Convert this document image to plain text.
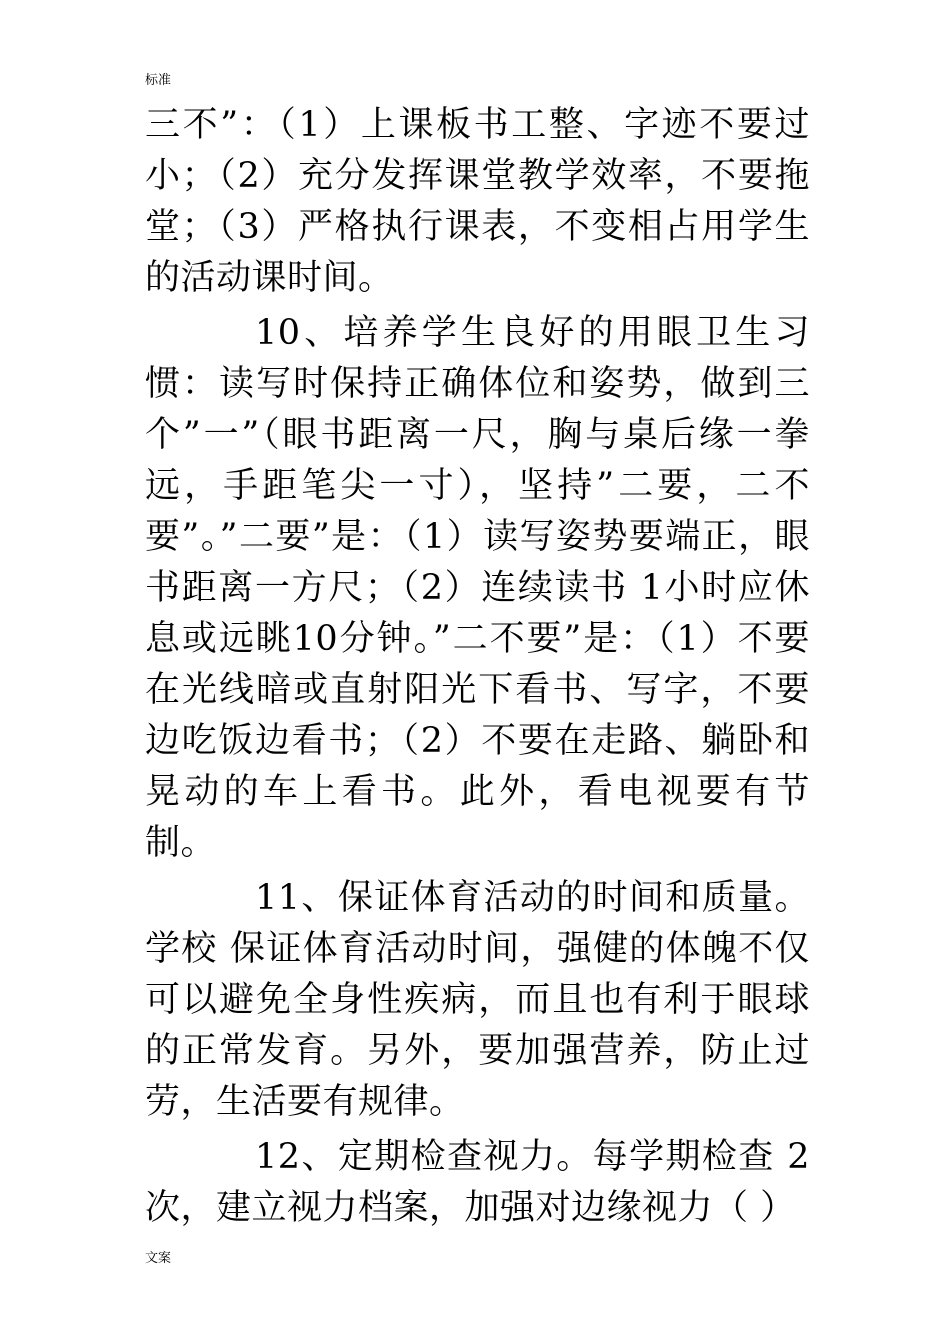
标准

三不”：（1）上课板书工整、字迹不要过小；（2）充分发挥课堂教学效率，不要拖堂；（3）严格执行课表，不变相占用学生的活动课时间。

10、培养学生良好的用眼卫生习惯：读写时保持正确体位和姿势，做到三个”一”（眼书距离一尺，胸与桌后缘一拳远，手距笔尖一寸），坚持”二要，二不要”。”二要”是：（1）读写姿势要端正，眼书距离一方尺；（2）连续读书 1小时应休息或远眺10分钟。”二不要”是：（1）不要在光线暗或直射阳光下看书、写字，不要边吃饭边看书；（2）不要在走路、躺卧和晃动的车上看书。此外，看电视要有节制。

11、保证体育活动的时间和质量。学校 保证体育活动时间，强健的体魄不仅可以避免全身性疾病，而且也有利于眼球的正常发育。另外，要加强营养，防止过劳，生活要有规律。

12、定期检查视力。每学期检查 2 次，建立视力档案，加强对边缘视力（ ）

文案
